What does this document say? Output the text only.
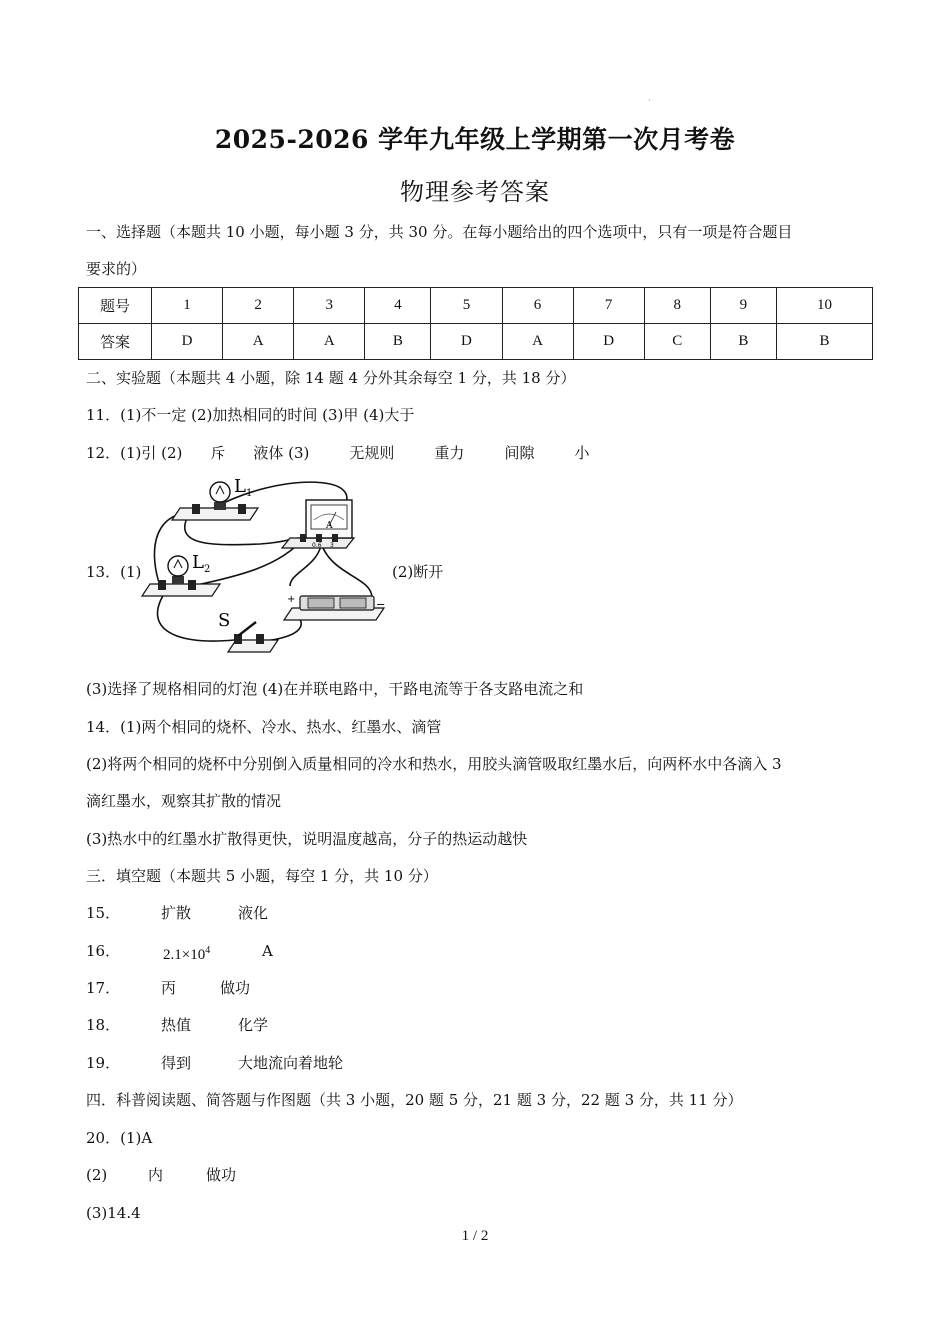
·
2025-2026 学年九年级上学期第一次月考卷
物理参考答案
一、选择题（本题共 10 小题，每小题 3 分，共 30 分。在每小题给出的四个选项中，只有一项是符合题目
要求的）
题号	1	2	3	4	5	6	7	8	9	10
答案	D	A	A	B	D	A	D	C	B	B
二、实验题（本题共 4 小题，除 14 题 4 分外其余每空 1 分，共 18 分）
11．(1)不一定 (2)加热相同的时间 (3)甲 (4)大于
12．(1)引 (2) 斥 液体 (3)	无规则	重力	间隙	小
13．(1)	(2)断开
$L_1$
A
0.6 3
$L_2$
+	−
S
(3)选择了规格相同的灯泡 (4)在并联电路中，干路电流等于各支路电流之和
14．(1)两个相同的烧杯、冷水、热水、红墨水、滴管
(2)将两个相同的烧杯中分别倒入质量相同的冷水和热水，用胶头滴管吸取红墨水后，向两杯水中各滴入 3
滴红墨水，观察其扩散的情况
(3)热水中的红墨水扩散得更快，说明温度越高，分子的热运动越快
三．填空题（本题共 5 小题，每空 1 分，共 10 分）
15．	扩散	液化
16．	$2.1\times 10^4$	A
17．	丙	做功
18．	热值	化学
19．	得到	大地流向着地轮
四．科普阅读题、简答题与作图题（共 3 小题，20 题 5 分，21 题 3 分，22 题 3 分，共 11 分）
20．(1)A
(2)	内	做功
(3)14.4
1 / 2
